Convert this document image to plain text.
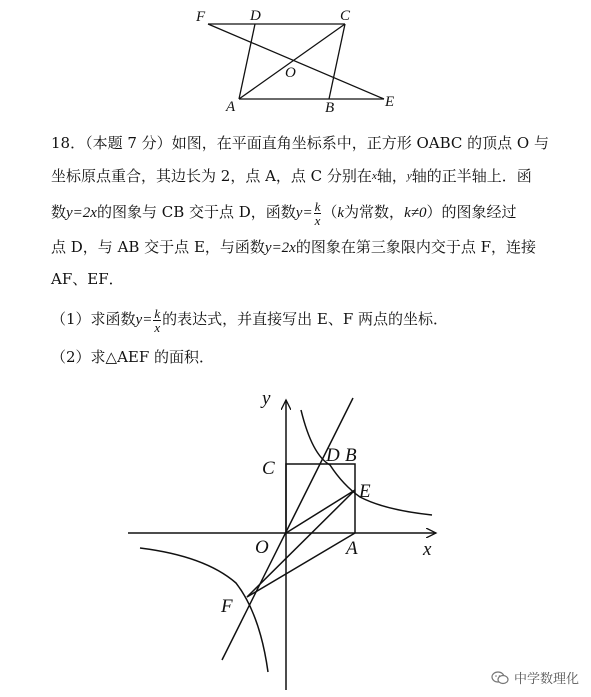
F	D	C
O
A	B	E
18．（本题 7 分）如图，在平面直角坐标系中，正方形 OABC 的顶点 O 与
坐标原点重合，其边长为 2，点 A，点 C 分别在$^x$轴，$^y$轴的正半轴上．函
数y=2x的图象与 CB 交于点 D，函数$y= \frac{k}{x} (k$为常数，k≠0）的图象经过
点 D，与 AB 交于点 E，与函数y=2x的图象在第三象限内交于点 F，连接
AF、EF．
（1）求函数$y= \frac{k}{x}$ 的表达式，并直接写出 E、F 两点的坐标．
（2）求△AEF 的面积．
y
x
C
D B
E
O	A
F
中学数理化
